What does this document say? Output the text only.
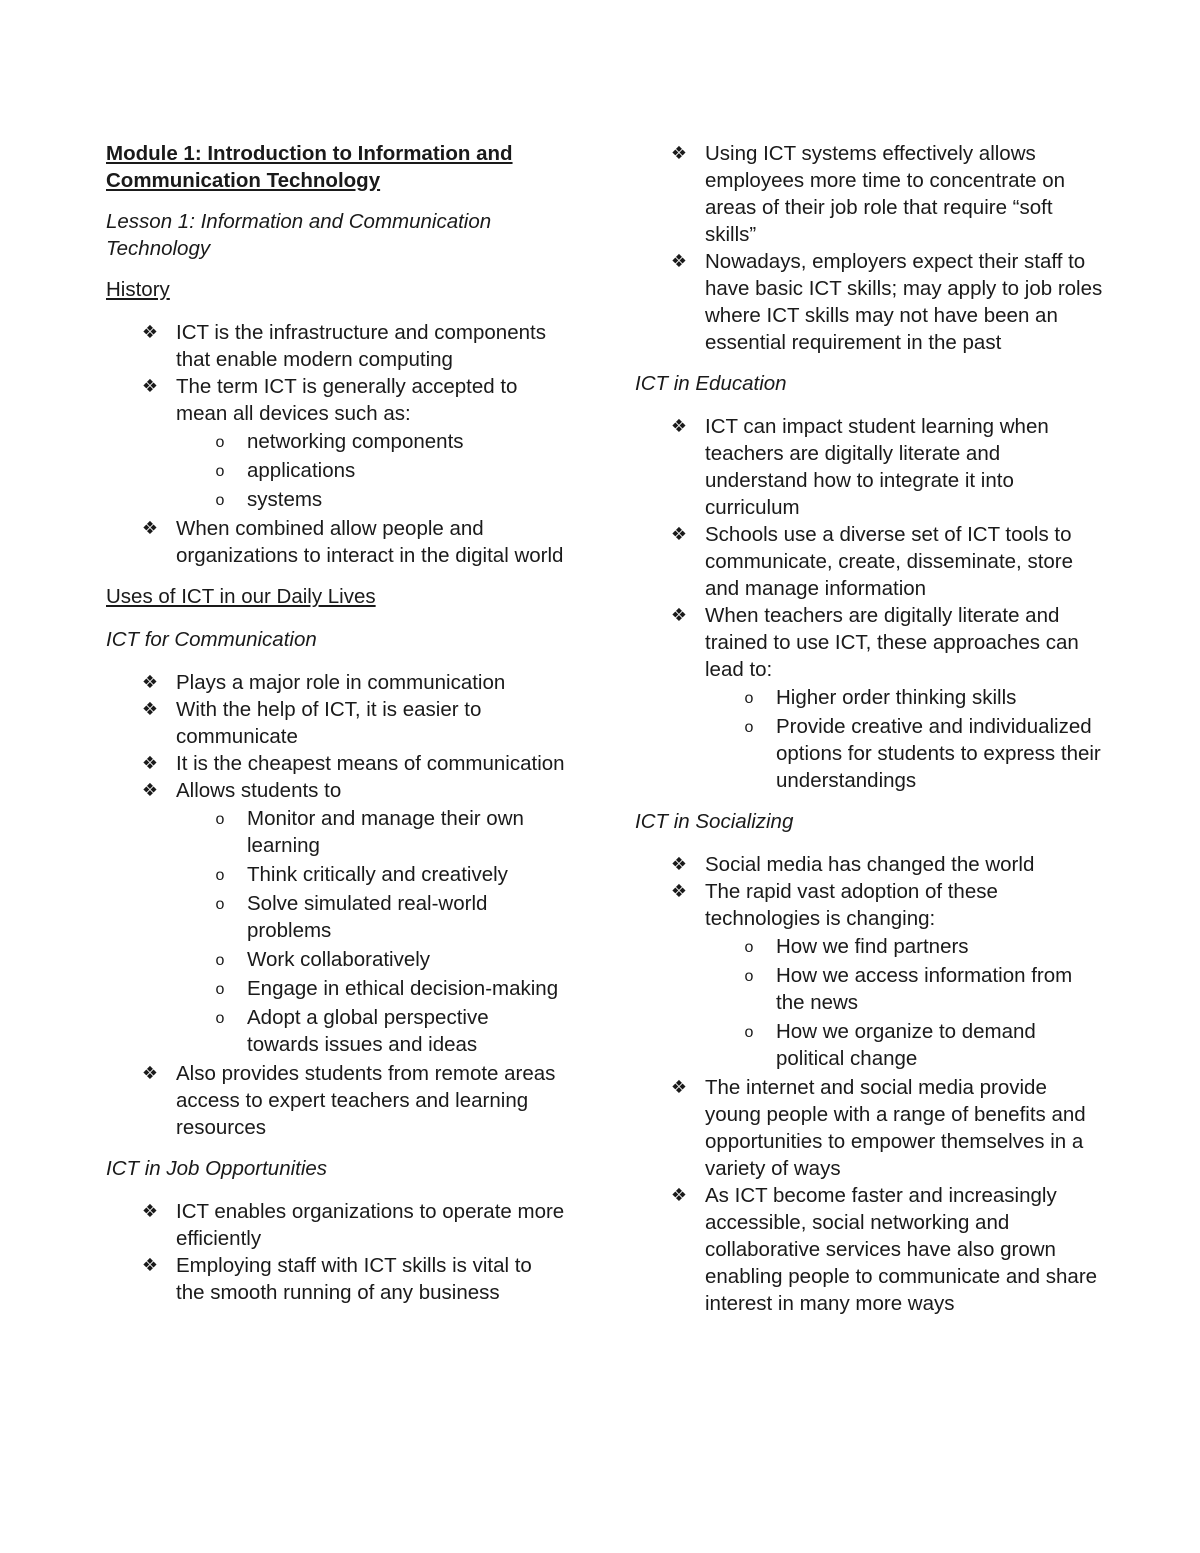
Module 1: Introduction to Information and Communication Technology
Lesson 1: Information and Communication Technology
History
❖ ICT is the infrastructure and components that enable modern computing
❖ The term ICT is generally accepted to mean all devices such as:
o networking components
o applications
o systems
❖ When combined allow people and organizations to interact in the digital world
Uses of ICT in our Daily Lives
ICT for Communication
❖ Plays a major role in communication
❖ With the help of ICT, it is easier to communicate
❖ It is the cheapest means of communication
❖ Allows students to
o Monitor and manage their own learning
o Think critically and creatively
o Solve simulated real-world problems
o Work collaboratively
o Engage in ethical decision-making
o Adopt a global perspective towards issues and ideas
❖ Also provides students from remote areas access to expert teachers and learning resources
ICT in Job Opportunities
❖ ICT enables organizations to operate more efficiently
❖ Employing staff with ICT skills is vital to the smooth running of any business
❖ Using ICT systems effectively allows employees more time to concentrate on areas of their job role that require “soft skills”
❖ Nowadays, employers expect their staff to have basic ICT skills; may apply to job roles where ICT skills may not have been an essential requirement in the past
ICT in Education
❖ ICT can impact student learning when teachers are digitally literate and understand how to integrate it into curriculum
❖ Schools use a diverse set of ICT tools to communicate, create, disseminate, store and manage information
❖ When teachers are digitally literate and trained to use ICT, these approaches can lead to:
o Higher order thinking skills
o Provide creative and individualized options for students to express their understandings
ICT in Socializing
❖ Social media has changed the world
❖ The rapid vast adoption of these technologies is changing:
o How we find partners
o How we access information from the news
o How we organize to demand political change
❖ The internet and social media provide young people with a range of benefits and opportunities to empower themselves in a variety of ways
❖ As ICT become faster and increasingly accessible, social networking and collaborative services have also grown enabling people to communicate and share interest in many more ways
